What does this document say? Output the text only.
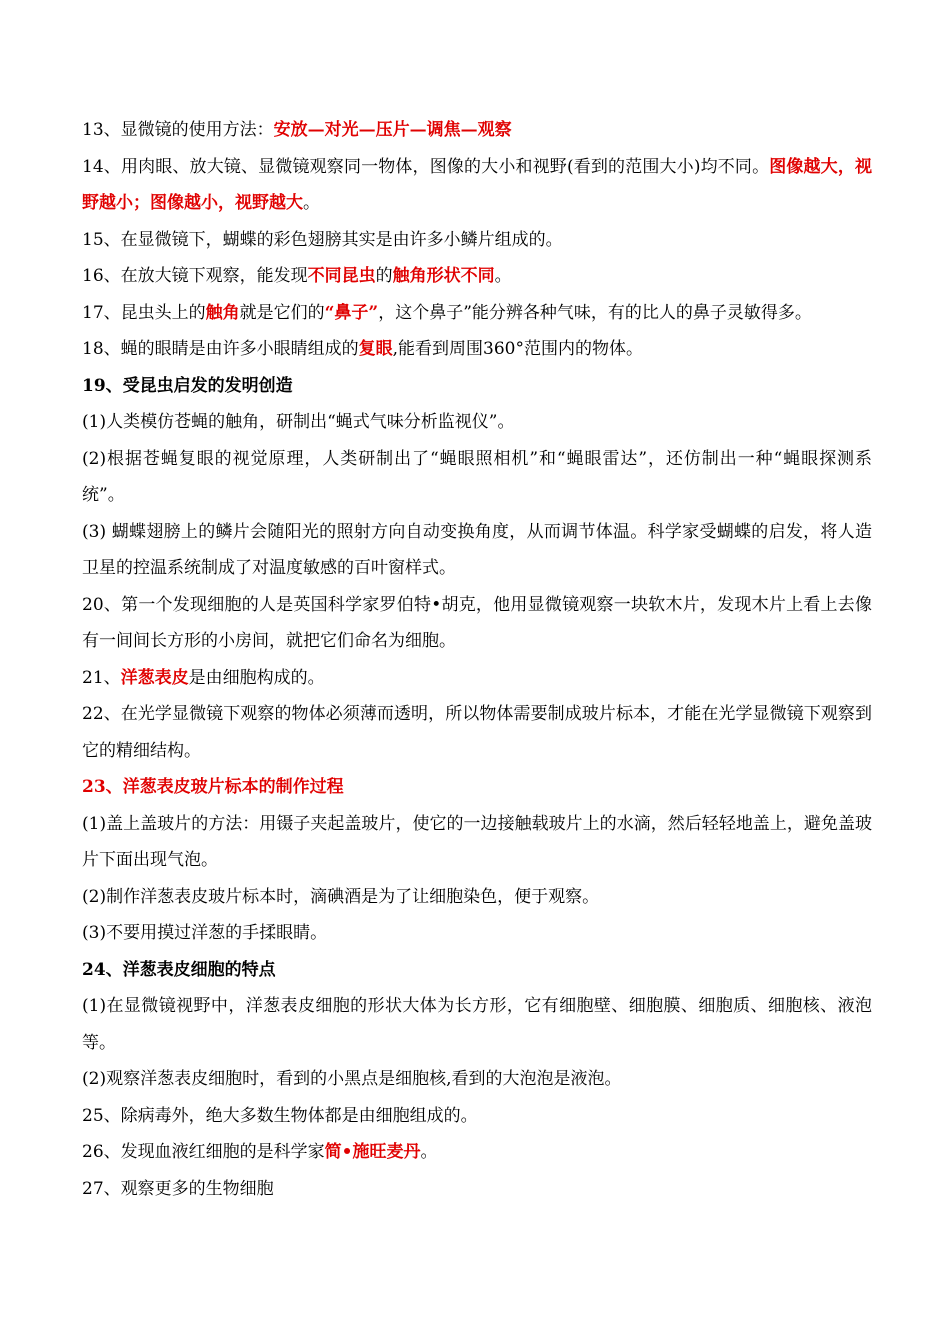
13、显微镜的使用方法：安放—对光—压片—调焦—观察
14、用肉眼、放大镜、显微镜观察同一物体，图像的大小和视野(看到的范围大小)均不同。图像越大，视野越小；图像越小，视野越大。
15、在显微镜下，蝴蝶的彩色翅膀其实是由许多小鳞片组成的。
16、在放大镜下观察，能发现不同昆虫的触角形状不同。
17、昆虫头上的触角就是它们的“鼻子”，这个鼻子”能分辨各种气味，有的比人的鼻子灵敏得多。
18、蝇的眼睛是由许多小眼睛组成的复眼,能看到周围360°范围内的物体。
19、受昆虫启发的发明创造
(1)人类模仿苍蝇的触角，研制出“蝇式气味分析监视仪”。
(2)根据苍蝇复眼的视觉原理，人类研制出了“蝇眼照相机”和“蝇眼雷达”，还仿制出一种“蝇眼探测系统”。
(3) 蝴蝶翅膀上的鳞片会随阳光的照射方向自动变换角度，从而调节体温。科学家受蝴蝶的启发，将人造卫星的控温系统制成了对温度敏感的百叶窗样式。
20、第一个发现细胞的人是英国科学家罗伯特•胡克，他用显微镜观察一块软木片，发现木片上看上去像有一间间长方形的小房间，就把它们命名为细胞。
21、洋葱表皮是由细胞构成的。
22、在光学显微镜下观察的物体必须薄而透明，所以物体需要制成玻片标本，才能在光学显微镜下观察到它的精细结构。
23、洋葱表皮玻片标本的制作过程
(1)盖上盖玻片的方法：用镊子夹起盖玻片，使它的一边接触载玻片上的水滴，然后轻轻地盖上，避免盖玻片下面出现气泡。
(2)制作洋葱表皮玻片标本时，滴碘酒是为了让细胞染色，便于观察。
(3)不要用摸过洋葱的手揉眼睛。
24、洋葱表皮细胞的特点
(1)在显微镜视野中，洋葱表皮细胞的形状大体为长方形，它有细胞壁、细胞膜、细胞质、细胞核、液泡等。
(2)观察洋葱表皮细胞时，看到的小黑点是细胞核,看到的大泡泡是液泡。
25、除病毒外，绝大多数生物体都是由细胞组成的。
26、发现血液红细胞的是科学家简•施旺麦丹。
27、观察更多的生物细胞
